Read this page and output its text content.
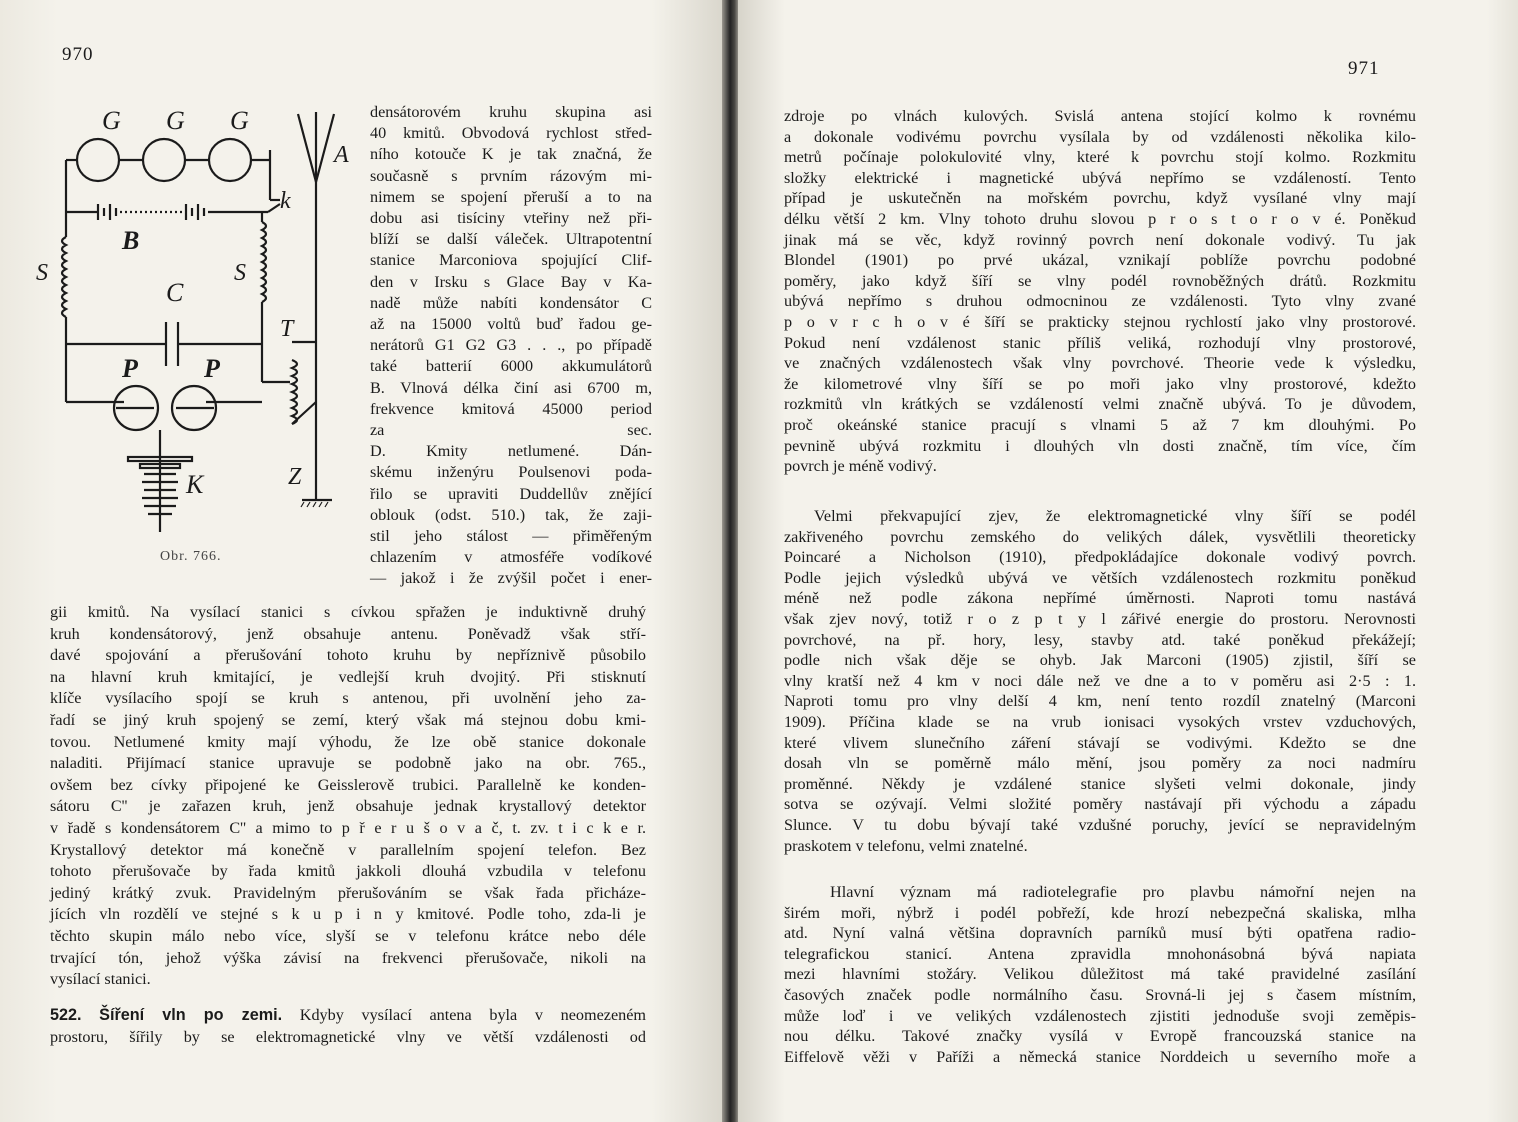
970
G G G
A
k
B
S	S
C
T
P	P
K	Z
Obr. 766.
densátorovém kruhu skupina asi
40 kmitů. Obvodová rychlost střed-
ního kotouče K je tak značná, že
současně s prvním rázovým mi-
nimem se spojení přeruší a to na
dobu asi tisíciny vteřiny než při-
blíží se další váleček. Ultrapotentní
stanice Marconiova spojující Clif-
den v Irsku s Glace Bay v Ka-
nadě může nabíti kondensátor C
až na 15000 voltů buď řadou ge-
nerátorů G1 G2 G3 . . ., po případě
také batterií 6000 akkumulátorů
B. Vlnová délka činí asi 6700 m,
frekvence kmitová 45000 period
za sec.
D. Kmity netlumené. Dán-
skému inženýru Poulsenovi poda-
řilo se upraviti Duddellův znějící
oblouk (odst. 510.) tak, že zaji-
stil jeho stálost — přiměřeným
chlazením v atmosféře vodíkové
— jakož i že zvýšil počet i ener-
gii kmitů. Na vysílací stanici s cívkou spřažen je induktivně druhý
kruh kondensátorový, jenž obsahuje antenu. Poněvadž však stří-
davé spojování a přerušování tohoto kruhu by nepříznivě působilo
na hlavní kruh kmitající, je vedlejší kruh dvojitý. Při stisknutí
klíče vysílacího spojí se kruh s antenou, při uvolnění jeho za-
řadí se jiný kruh spojený se zemí, který však má stejnou dobu kmi-
tovou. Netlumené kmity mají výhodu, že lze obě stanice dokonale
naladiti. Přijímací stanice upravuje se podobně jako na obr. 765.,
ovšem bez cívky připojené ke Geisslerově trubici. Parallelně ke konden-
sátoru C'' je zařazen kruh, jenž obsahuje jednak krystallový detektor
v řadě s kondensátorem C'' a mimo to p ř e r u š o v a č, t. zv. t i c k e r.
Krystallový detektor má konečně v parallelním spojení telefon. Bez
tohoto přerušovače by řada kmitů jakkoli dlouhá vzbudila v telefonu
jediný krátký zvuk. Pravidelným přerušováním se však řada přicháze-
jících vln rozdělí ve stejné s k u p i n y kmitové. Podle toho, zda-li je
těchto skupin málo nebo více, slyší se v telefonu krátce nebo déle
trvající tón, jehož výška závisí na frekvenci přerušovače, nikoli na
vysílací stanici.
522. Šíření vln po zemi. Kdyby vysílací antena byla v neomezeném
prostoru, šířily by se elektromagnetické vlny ve větší vzdálenosti od
971
zdroje po vlnách kulových. Svislá antena stojící kolmo k rovnému
a dokonale vodivému povrchu vysílala by od vzdálenosti několika kilo-
metrů počínaje polokulovité vlny, které k povrchu stojí kolmo. Rozkmitu
složky elektrické i magnetické ubývá nepřímo se vzdáleností. Tento
případ je uskutečněn na mořském povrchu, když vysílané vlny mají
délku větší 2 km. Vlny tohoto druhu slovou p r o s t o r o v é. Poněkud
jinak má se věc, když rovinný povrch není dokonale vodivý. Tu jak
Blondel (1901) po prvé ukázal, vznikají poblíže povrchu podobné
poměry, jako když šíří se vlny podél rovnoběžných drátů. Rozkmitu
ubývá nepřímo s druhou odmocninou ze vzdálenosti. Tyto vlny zvané
p o v r c h o v é šíří se prakticky stejnou rychlostí jako vlny prostorové.
Pokud není vzdálenost stanic příliš veliká, rozhodují vlny prostorové,
ve značných vzdálenostech však vlny povrchové. Theorie vede k výsledku,
že kilometrové vlny šíří se po moři jako vlny prostorové, kdežto
rozkmitů vln krátkých se vzdáleností velmi značně ubývá. To je důvodem,
proč okeánské stanice pracují s vlnami 5 až 7 km dlouhými. Po
pevnině ubývá rozkmitu i dlouhých vln dosti značně, tím více, čím
povrch je méně vodivý.
Velmi překvapující zjev, že elektromagnetické vlny šíří se podél
zakřiveného povrchu zemského do velikých dálek, vysvětlili theoreticky
Poincaré a Nicholson (1910), předpokládajíce dokonale vodivý povrch.
Podle jejich výsledků ubývá ve větších vzdálenostech rozkmitu poněkud
méně než podle zákona nepřímé úměrnosti. Naproti tomu nastává
však zjev nový, totiž r o z p t y l zářivé energie do prostoru. Nerovnosti
povrchové, na př. hory, lesy, stavby atd. také poněkud překážejí;
podle nich však děje se ohyb. Jak Marconi (1905) zjistil, šíří se
vlny kratší než 4 km v noci dále než ve dne a to v poměru asi 2·5 : 1.
Naproti tomu pro vlny delší 4 km, není tento rozdíl znatelný (Marconi
1909). Příčina klade se na vrub ionisaci vysokých vrstev vzduchových,
které vlivem slunečního záření stávají se vodivými. Kdežto se dne
dosah vln se poměrně málo mění, jsou poměry za noci nadmíru
proměnné. Někdy je vzdálené stanice slyšeti velmi dokonale, jindy
sotva se ozývají. Velmi složité poměry nastávají při východu a západu
Slunce. V tu dobu bývají také vzdušné poruchy, jevící se nepravidelným
praskotem v telefonu, velmi znatelné.
Hlavní význam má radiotelegrafie pro plavbu námořní nejen na
širém moři, nýbrž i podél pobřeží, kde hrozí nebezpečná skaliska, mlha
atd. Nyní valná většina dopravních parníků musí býti opatřena radio-
telegrafickou stanicí. Antena zpravidla mnohonásobná bývá napiata
mezi hlavními stožáry. Velikou důležitost má také pravidelné zasílání
časových značek podle normálního času. Srovná-li jej s časem místním,
může loď i ve velikých vzdálenostech zjistiti jednoduše svoji zeměpis-
nou délku. Takové značky vysílá v Evropě francouzská stanice na
Eiffelově věži v Paříži a německá stanice Norddeich u severního moře a
